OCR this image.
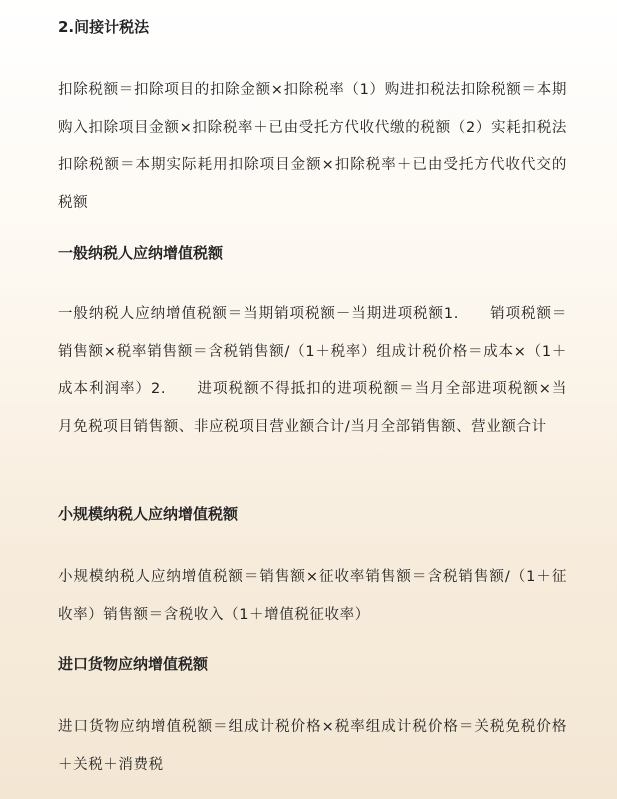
2.间接计税法

扣除税额＝扣除项目的扣除金额×扣除税率（1）购进扣税法扣除税额＝本期购入扣除项目金额×扣除税率＋已由受托方代收代缴的税额（2）实耗扣税法扣除税额＝本期实际耗用扣除项目金额×扣除税率＋已由受托方代收代交的税额

一般纳税人应纳增值税额

一般纳税人应纳增值税额＝当期销项税额－当期进项税额1.　　销项税额＝销售额×税率销售额＝含税销售额/（1＋税率）组成计税价格＝成本×（1＋成本利润率）2.　　进项税额不得抵扣的进项税额＝当月全部进项税额×当月免税项目销售额、非应税项目营业额合计/当月全部销售额、营业额合计

小规模纳税人应纳增值税额

小规模纳税人应纳增值税额＝销售额×征收率销售额＝含税销售额/（1＋征收率）销售额＝含税收入（1＋增值税征收率）

进口货物应纳增值税额

进口货物应纳增值税额＝组成计税价格×税率组成计税价格＝关税免税价格＋关税＋消费税
